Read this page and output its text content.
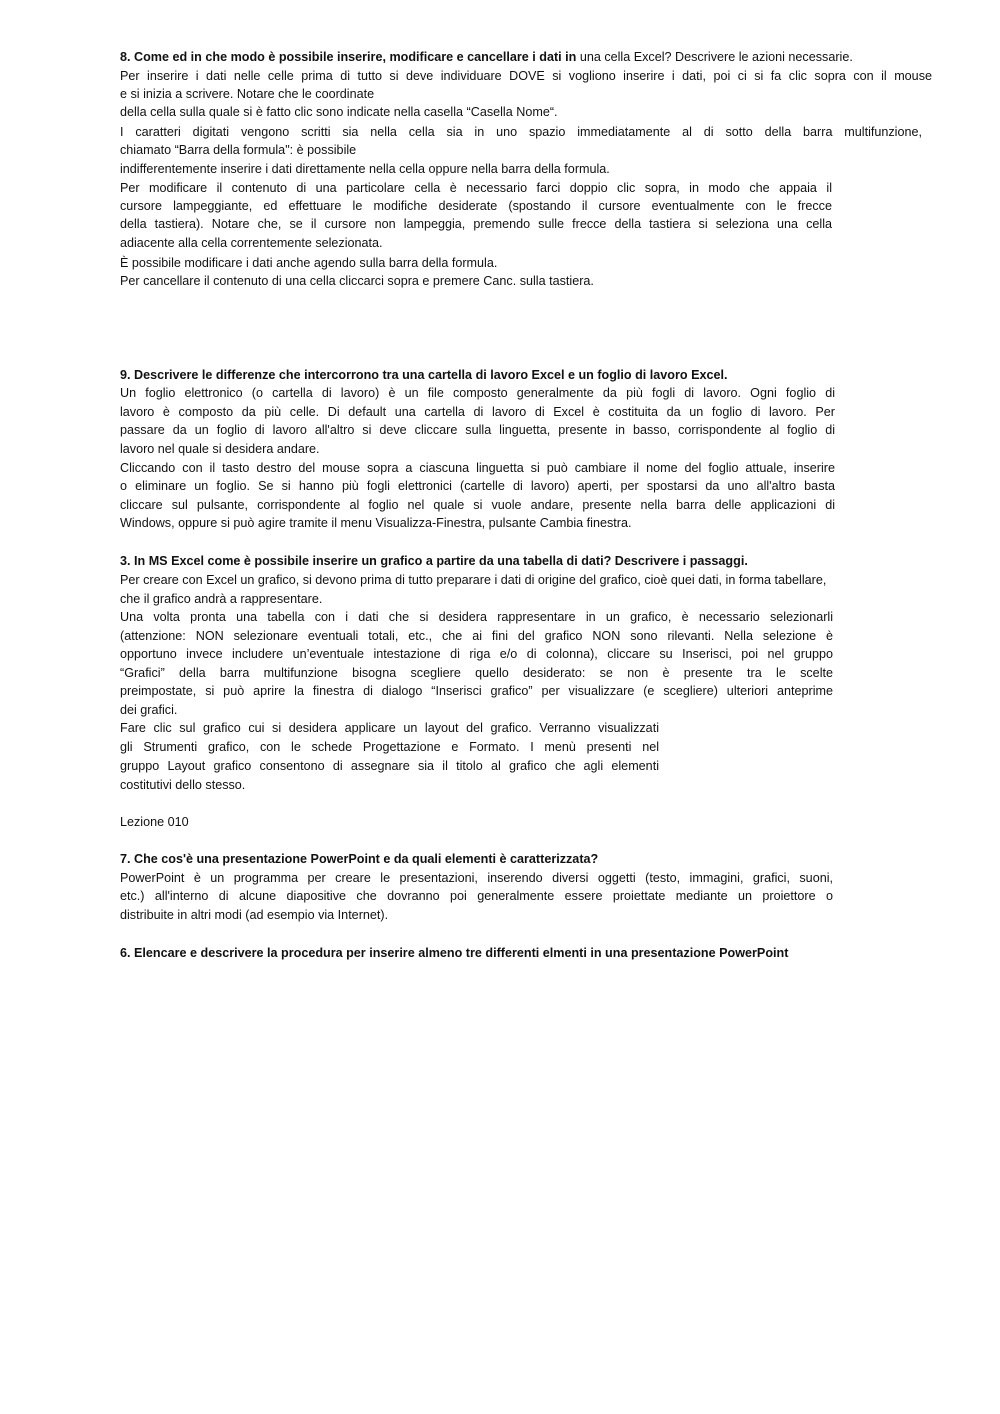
8. Come ed in che modo è possibile inserire, modificare e cancellare i dati in una cella Excel? Descrivere le azioni necessarie.
Per inserire i dati nelle celle prima di tutto si deve individuare DOVE si vogliono inserire i dati, poi ci si fa clic sopra con il mouse
e si inizia a scrivere. Notare che le coordinate
della cella sulla quale si è fatto clic sono indicate nella casella “Casella Nome“.
I caratteri digitati vengono scritti sia nella cella sia in uno spazio immediatamente al di sotto della barra multifunzione,
chiamato “Barra della formula": è possibile
indifferentemente inserire i dati direttamente nella cella oppure nella barra della formula.
Per modificare il contenuto di una particolare cella è necessario farci doppio clic sopra, in modo che appaia il
cursore lampeggiante, ed effettuare le modifiche desiderate (spostando il cursore eventualmente con le frecce
della tastiera). Notare che, se il cursore non lampeggia, premendo sulle frecce della tastiera si seleziona una cella
adiacente alla cella correntemente selezionata.
È possibile modificare i dati anche agendo sulla barra della formula.
Per cancellare il contenuto di una cella cliccarci sopra e premere Canc. sulla tastiera.
9. Descrivere le differenze che intercorrono tra una cartella di lavoro Excel e un foglio di lavoro Excel.
Un foglio elettronico (o cartella di lavoro) è un file composto generalmente da più fogli di lavoro. Ogni foglio di
lavoro è composto da più celle. Di default una cartella di lavoro di Excel è costituita da un foglio di lavoro. Per
passare da un foglio di lavoro all'altro si deve cliccare sulla linguetta, presente in basso, corrispondente al foglio di
lavoro nel quale si desidera andare.
Cliccando con il tasto destro del mouse sopra a ciascuna linguetta si può cambiare il nome del foglio attuale, inserire
o eliminare un foglio. Se si hanno più fogli elettronici (cartelle di lavoro) aperti, per spostarsi da uno all'altro basta
cliccare sul pulsante, corrispondente al foglio nel quale si vuole andare, presente nella barra delle applicazioni di
Windows, oppure si può agire tramite il menu Visualizza-Finestra, pulsante Cambia finestra.
3. In MS Excel come è possibile inserire un grafico a partire da una tabella di dati? Descrivere i passaggi.
Per creare con Excel un grafico, si devono prima di tutto preparare i dati di origine del grafico, cioè quei dati, in forma tabellare,
che il grafico andrà a rappresentare.
Una volta pronta una tabella con i dati che si desidera rappresentare in un grafico, è necessario selezionarli
(attenzione: NON selezionare eventuali totali, etc., che ai fini del grafico NON sono rilevanti. Nella selezione è
opportuno invece includere un’eventuale intestazione di riga e/o di colonna), cliccare su Inserisci, poi nel gruppo
“Grafici” della barra multifunzione bisogna scegliere quello desiderato: se non è presente tra le scelte
preimpostate, si può aprire la finestra di dialogo “Inserisci grafico” per visualizzare (e scegliere) ulteriori anteprime
dei grafici.
Fare clic sul grafico cui si desidera applicare un layout del grafico. Verranno visualizzati
gli Strumenti grafico, con le schede Progettazione e Formato. I menù presenti nel
gruppo Layout grafico consentono di assegnare sia il titolo al grafico che agli elementi
costitutivi dello stesso.
Lezione 010
7. Che cos'è una presentazione PowerPoint e da quali elementi è caratterizzata?
PowerPoint è un programma per creare le presentazioni, inserendo diversi oggetti (testo, immagini, grafici, suoni,
etc.) all'interno di alcune diapositive che dovranno poi generalmente essere proiettate mediante un proiettore o
distribuite in altri modi (ad esempio via Internet).
6. Elencare e descrivere la procedura per inserire almeno tre differenti elmenti in una presentazione PowerPoint
